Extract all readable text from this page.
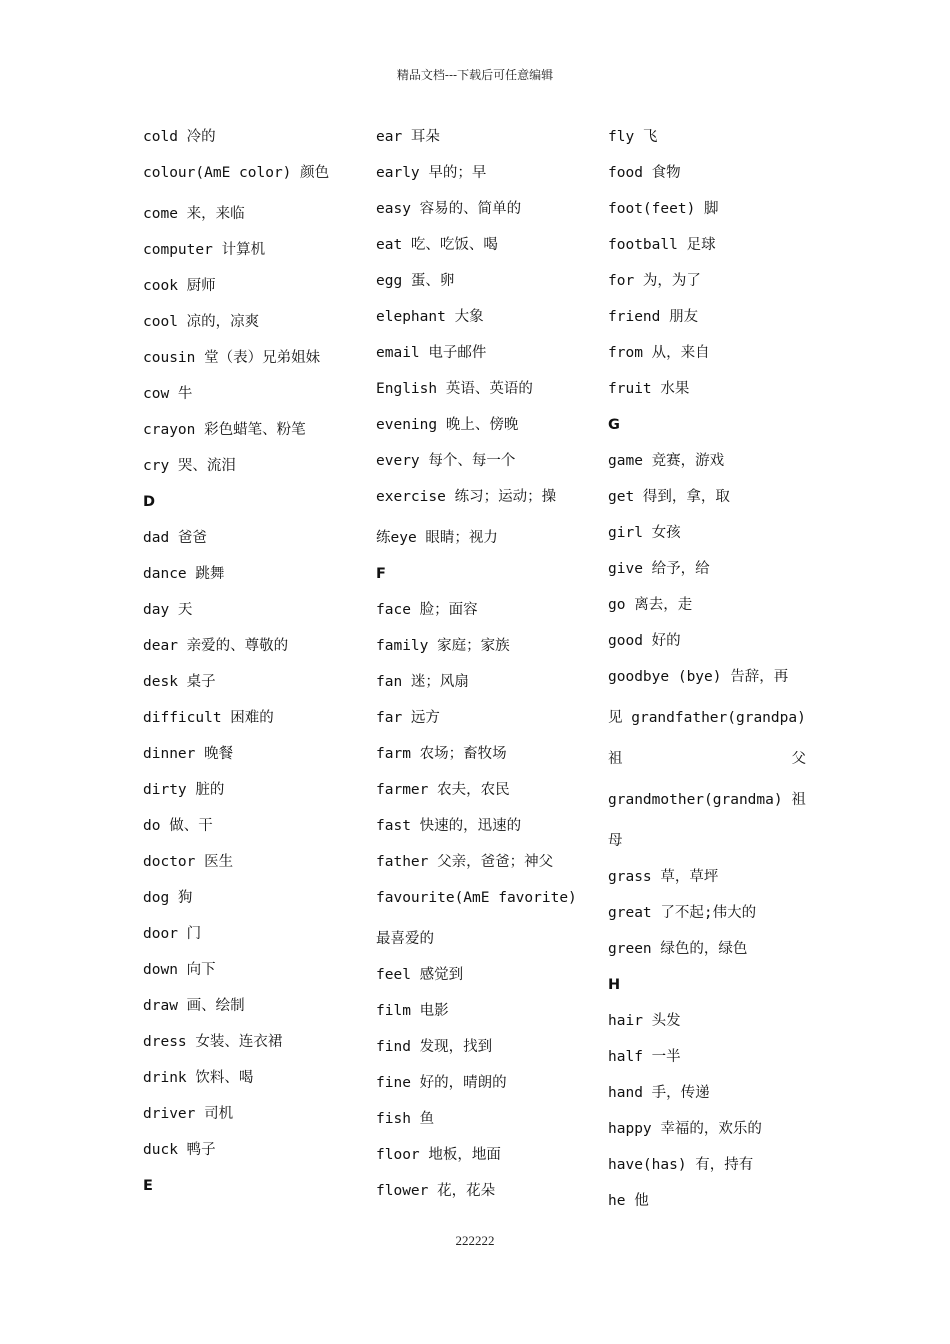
精品文档---下载后可任意编辑
cold 冷的
colour(AmE color) 颜色
come 来，来临
computer 计算机
cook 厨师
cool 凉的，凉爽
cousin 堂（表）兄弟姐妹
cow 牛
crayon 彩色蜡笔、粉笔
cry 哭、流泪
D
dad 爸爸
dance 跳舞
day 天
dear 亲爱的、尊敬的
desk 桌子
difficult 困难的
dinner 晚餐
dirty 脏的
do 做、干
doctor 医生
dog 狗
door 门
down 向下
draw 画、绘制
dress 女装、连衣裙
drink 饮料、喝
driver 司机
duck 鸭子
E
ear 耳朵
early 早的；早
easy 容易的、简单的
eat 吃、吃饭、喝
egg 蛋、卵
elephant 大象
email 电子邮件
English 英语、英语的
evening 晚上、傍晚
every 每个、每一个
exercise 练习；运动；操
练eye 眼睛；视力
F
face 脸；面容
family 家庭；家族
fan 迷；风扇
far 远方
farm 农场；畜牧场
farmer 农夫，农民
fast 快速的，迅速的
father 父亲，爸爸；神父
favourite(AmE favorite)
最喜爱的
feel 感觉到
film 电影
find 发现，找到
fine 好的，晴朗的
fish 鱼
floor 地板，地面
flower 花，花朵
fly 飞
food 食物
foot(feet) 脚
football 足球
for 为，为了
friend 朋友
from 从，来自
fruit 水果
G
game 竞赛，游戏
get 得到，拿，取
girl 女孩
give 给予，给
go 离去，走
good 好的
goodbye (bye) 告辞，再
见 grandfather(grandpa)
祖	父
grandmother(grandma) 祖
母
grass 草，草坪
great 了不起;伟大的
green 绿色的，绿色
H
hair 头发
half 一半
hand 手，传递
happy 幸福的，欢乐的
have(has) 有，持有
he 他
222222
